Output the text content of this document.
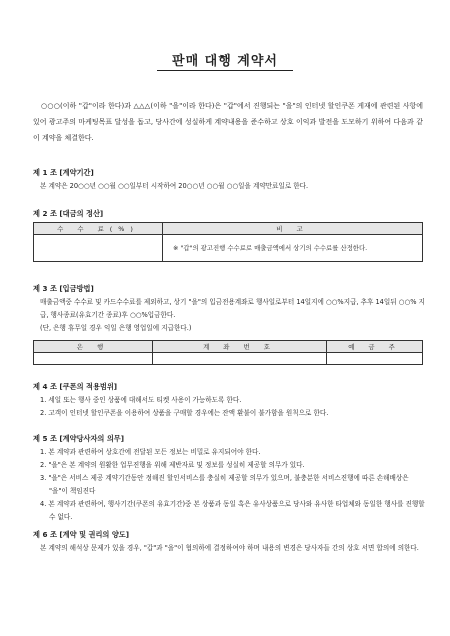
판매 대행 계약서
○○○(이하 "갑"이라 한다)과 △△△(이하 "을"이라 한다)은 "갑"에서 진행되는 "을"의 인터넷 할인쿠폰 게재에 관련된 사항에 있어 광고주의 마케팅목표 달성을 돕고, 당사간에 성실하게 계약내용을 준수하고 상호 이익과 발전을 도모하기 위하여 다음과 같이 계약을 체결한다.
제 1 조 [계약기간]
본 계약은 20○○년 ○○월 ○○일부터 시작하여 20○○년 ○○월 ○○일을 계약만료일로 한다.
제 2 조 [대금의 정산]
수 수 료(%)	비 고
	※ "갑"의 광고진행 수수료로 매출금액에서 상기의 수수료를 산정한다.
제 3 조 [입금방법]
매출금액중 수수료 및 카드수수료를 제외하고, 상기 "을"의 입금전용계좌로 행사일로부터 14일지에 ○○%지급, 추후 14일뒤 ○○% 지급, 행사종료(유효기간 종료)후 ○○%입금한다.
(단, 은행 휴무일 경우 익일 은행 영업일에 지급한다.)
은 행	계 좌 번 호	예 금 주

제 4 조 [쿠폰의 적용범위]
1. 세일 또는 행사 중인 상품에 대해서도 티켓 사용이 가능하도록 한다.
2. 고객이 인터넷 할인쿠폰을 이용하여 상품을 구매할 경우에는 잔액 환불이 불가함을 원칙으로 한다.
제 5 조 [계약당사자의 의무]
1. 본 계약과 관련하여 상호간에 전달된 모든 정보는 비밀로 유지되어야 한다.
2. "을"은 본 계약의 원활한 업무진행을 위해 제반자료 및 정보를 성실히 제공할 의무가 있다.
3. "을"은 서비스 제공 계약기간동안 정해진 할인서비스를 충실히 제공할 의무가 있으며, 불충분한 서비스진행에 따른 손해배상은 "을"이 책임진다
4. 본 계약과 관련하여, 행사기간(쿠폰의 유효기간)중 본 상품과 동일 혹은 유사상품으로 당사와 유사한 타업체와 동일한 행사를 진행할 수 없다.
제 6 조 [계약 및 권리의 양도]
본 계약의 해석상 문제가 있을 경우, "갑"과 "을"이 협의하에 결정하여야 하며 내용의 변경은 당사자들 간의 상호 서면 합의에 의한다.
